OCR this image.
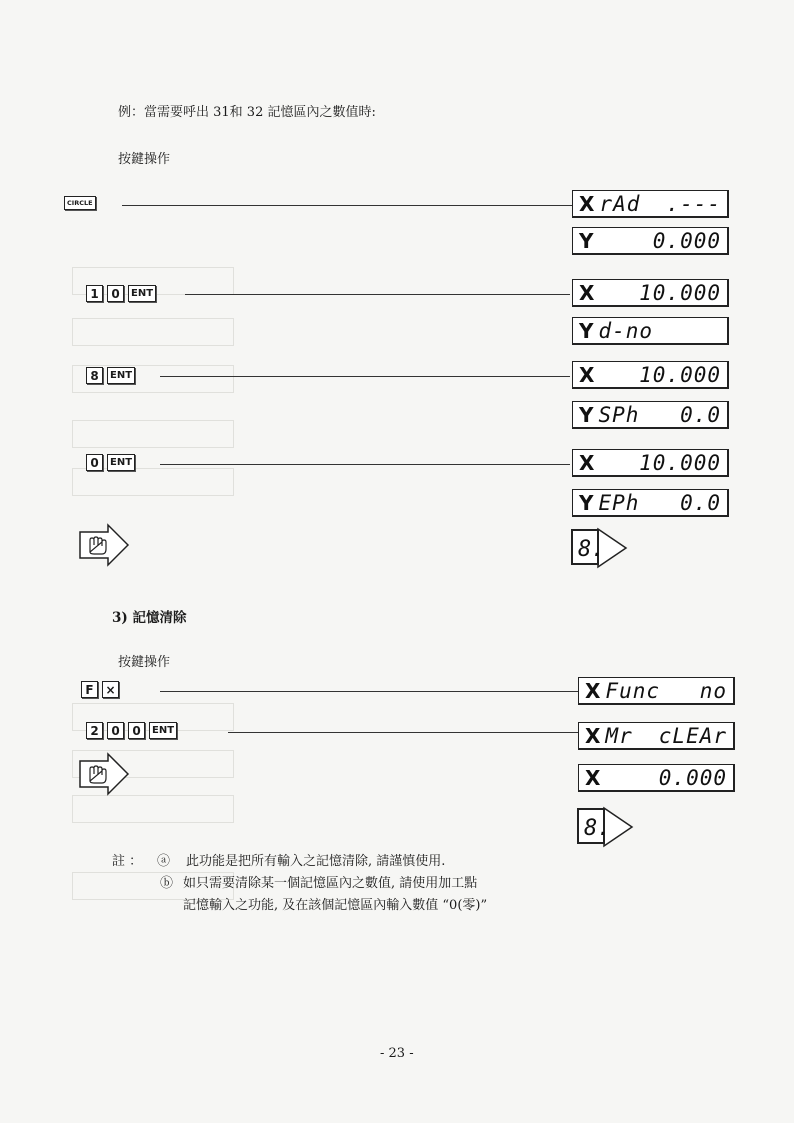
例：當需要呼出 31和 32 記憶區內之數值時:
按鍵操作
CIRCLE	X rAd .---
Y	0.000
1	0	ENT	X 10.000
Y d-no
8	ENT	X 10.000
Y SPh 0.0
0	ENT	X 10.000
Y EPh 0.0
8.
3) 記憶清除
按鍵操作
F ×	X Func no
2	0	0	ENT	X Mr cLEAr
X	0.000
8.
註 ： ⓐ 此功能是把所有輸入之記憶清除, 請謹慎使用.
ⓑ 如只需要清除某一個記憶區內之數值, 請使用加工點
記憶輸入之功能, 及在該個記憶區內輸入數值 “0(零)”
- 23 -
